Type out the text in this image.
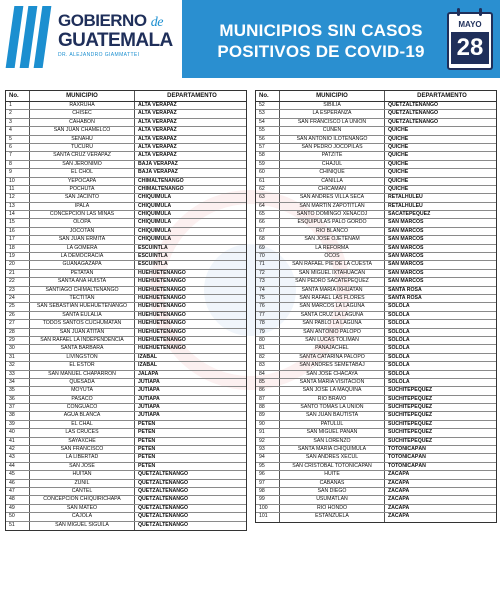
GOBIERNO de
GUATEMALA
DR. ALEJANDRO GIAMMATTEI
MUNICIPIOS SIN CASOS
POSITIVOS DE COVID-19
MAYO
28
No.	MUNICIPIO	DEPARTAMENTO
1	RAXRUHA	ALTA VERAPAZ
2	CHISEC	ALTA VERAPAZ
3	CAHABON	ALTA VERAPAZ
4	SAN JUAN CHAMELCO	ALTA VERAPAZ
5	SENAHU	ALTA VERAPAZ
6	TUCURU	ALTA VERAPAZ
7	SANTA CRUZ VERAPAZ	ALTA VERAPAZ
8	SAN JERONIMO	BAJA VERAPAZ
9	EL CHOL	BAJA VERAPAZ
10	YEPOCAPA	CHIMALTENANGO
11	POCHUTA	CHIMALTENANGO
12	SAN JACINTO	CHIQUIMULA
13	IPALA	CHIQUIMULA
14	CONCEPCION LAS MINAS	CHIQUIMULA
15	OLOPA	CHIQUIMULA
16	JOCOTAN	CHIQUIMULA
17	SAN JUAN ERMITA	CHIQUIMULA
18	LA GOMERA	ESCUINTLA
19	LA DEMOCRACIA	ESCUINTLA
20	GUANAGAZAPA	ESCUINTLA
21	PETATAN	HUEHUETENANGO
22	SANTA ANA HUISTA	HUEHUETENANGO
23	SANTIAGO CHIMALTENANGO	HUEHUETENANGO
24	TECTITAN	HUEHUETENANGO
25	SAN SEBASTIAN HUEHUETENANGO	HUEHUETENANGO
26	SANTA EULALIA	HUEHUETENANGO
27	TODOS SANTOS CUCHUMATAN	HUEHUETENANGO
28	SAN JUAN ATITAN	HUEHUETENANGO
29	SAN RAFAEL LA INDEPENDENCIA	HUEHUETENANGO
30	SANTA BARBARA	HUEHUETENANGO
31	LIVINGSTON	IZABAL
32	EL ESTOR	IZABAL
33	SAN MANUEL CHAPARRON	JALAPA
34	QUESADA	JUTIAPA
35	MOYUTA	JUTIAPA
36	PASACO	JUTIAPA
37	CONGUACO	JUTIAPA
38	AGUA BLANCA	JUTIAPA
39	EL CHAL	PETÉN
40	LAS CRUCES	PETÉN
41	SAYAXCHE	PETÉN
42	SAN FRANCISCO	PETÉN
43	LA LIBERTAD	PETÉN
44	SAN JOSE	PETÉN
45	HUITAN	QUETZALTENANGO
46	ZUNIL	QUETZALTENANGO
47	CANTEL	QUETZALTENANGO
48	CONCEPCION CHIQUIRICHAPA	QUETZALTENANGO
49	SAN MATEO	QUETZALTENANGO
50	CAJOLA	QUETZALTENANGO
51	SAN MIGUEL SIGUILA	QUETZALTENANGO
No.	MUNICIPIO	DEPARTAMENTO
52	SIBILIA	QUETZALTENANGO
53	LA ESPERANZA	QUETZALTENANGO
54	SAN FRANCISCO LA UNION	QUETZALTENANGO
55	CUNEN	QUICHÉ
56	SAN ANTONIO ILOTENANGO	QUICHÉ
57	SAN PEDRO JOCOPILAS	QUICHÉ
58	PATZITE	QUICHÉ
59	CHAJUL	QUICHÉ
60	CHINIQUE	QUICHÉ
61	CANILLA	QUICHÉ
62	CHICAMAN	QUICHÉ
63	SAN ANDRES VILLA SECA	RETALHULEU
64	SAN MARTIN ZAPOTITLAN	RETALHULEU
65	SANTO DOMINGO XENACOJ	SACATEPÉQUEZ
66	ESQUIPULAS PALO GORDO	SAN MARCOS
67	RIO BLANCO	SAN MARCOS
68	SAN JOSE OJETENAM	SAN MARCOS
69	LA REFORMA	SAN MARCOS
70	OCOS	SAN MARCOS
71	SAN RAFAEL PIE DE LA CUESTA	SAN MARCOS
72	SAN MIGUEL IXTAHUACAN	SAN MARCOS
73	SAN PEDRO SACATEPEQUEZ	SAN MARCOS
74	SANTA MARIA IXHUATAN	SANTA ROSA
75	SAN RAFAEL LAS FLORES	SANTA ROSA
76	SAN MARCOS LA LAGUNA	SOLOLÁ
77	SANTA CRUZ LA LAGUNA	SOLOLÁ
78	SAN PABLO LA LAGUNA	SOLOLÁ
79	SAN ANTONIO PALOPO	SOLOLÁ
80	SAN LUCAS TOLIMAN	SOLOLÁ
81	PANAJACHEL	SOLOLÁ
82	SANTA CATARINA PALOPO	SOLOLÁ
83	SAN ANDRES SEMETABAJ	SOLOLÁ
84	SAN JOSE CHACAYA	SOLOLÁ
85	SANTA MARIA VISITACION	SOLOLÁ
86	SAN JOSE LA MAQUINA	SUCHITEPÉQUEZ
87	RIO BRAVO	SUCHITEPÉQUEZ
88	SANTO TOMAS LA UNION	SUCHITEPÉQUEZ
89	SAN JUAN BAUTISTA	SUCHITEPÉQUEZ
90	PATULUL	SUCHITEPÉQUEZ
91	SAN MIGUEL PANAN	SUCHITEPÉQUEZ
92	SAN LORENZO	SUCHITEPÉQUEZ
93	SANTA MARIA CHIQUIMULA	TOTONICAPÁN
94	SAN ANDRES XECUL	TOTONICAPÁN
95	SAN CRISTOBAL TOTONICAPAN	TOTONICAPÁN
96	HUITE	ZACAPA
97	CABAÑAS	ZACAPA
98	SAN DIEGO	ZACAPA
99	USUMATLAN	ZACAPA
100	RIO HONDO	ZACAPA
101	ESTANZUELA	ZACAPA
